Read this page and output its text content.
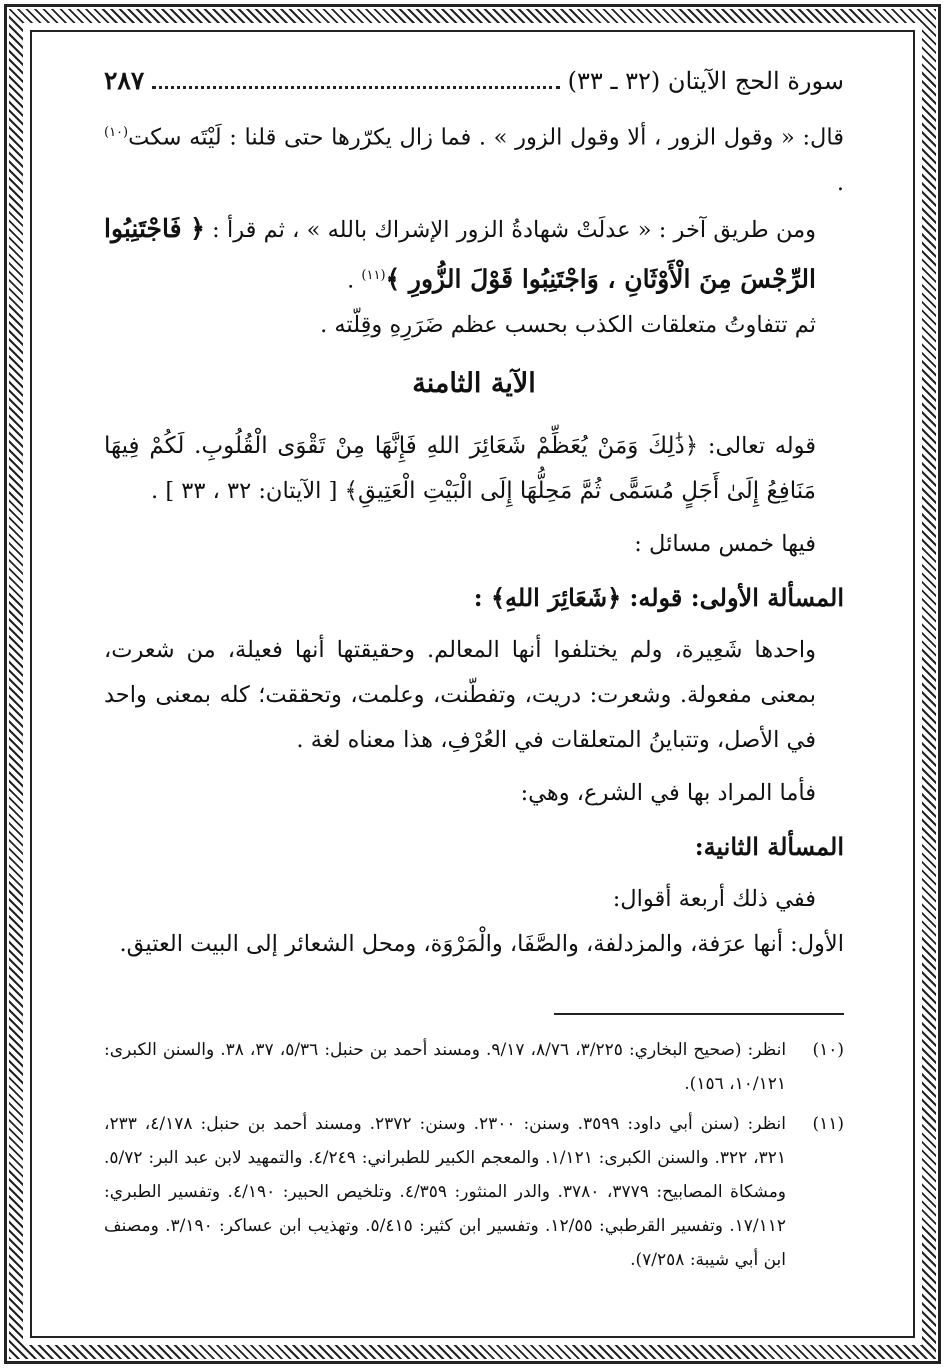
سورة الحج الآيتان (٣٢ ـ ٣٣)
٢٨٧

قال: « وقول الزور ، ألا وقول الزور » . فما زال يكرّرها حتى قلنا : لَيْتَه سكت$^{(١٠)}$ .

ومن طريق آخر : « عدلَتْ شهادةُ الزور الإشراك بالله » ، ثم قرأ : ﴿ فَاجْتَنِبُوا الرِّجْسَ مِنَ الْأَوْثَانِ ، وَاجْتَنِبُوا قَوْلَ الزُّورِ ﴾$^{(١١)}$ .

ثم تتفاوتُ متعلقات الكذب بحسب عظم ضَرَرِهِ وقِلّته .

الآية الثامنة

قوله تعالى: ﴿ذَٰلِكَ وَمَنْ يُعَظِّمْ شَعَائِرَ اللهِ فَإِنَّهَا مِنْ تَقْوَى الْقُلُوبِ. لَكُمْ فِيهَا مَنَافِعُ إِلَىٰ أَجَلٍ مُسَمًّى ثُمَّ مَحِلُّهَا إِلَى الْبَيْتِ الْعَتِيقِ﴾ [ الآيتان: ٣٢ ، ٣٣ ] .

فيها خمس مسائل :

المسألة الأولى: قوله: ﴿شَعَائِرَ اللهِ﴾ :

واحدها شَعِيرة، ولم يختلفوا أنها المعالم. وحقيقتها أنها فعيلة، من شعرت، بمعنى مفعولة. وشعرت: دريت، وتفطّنت، وعلمت، وتحققت؛ كله بمعنى واحد في الأصل، وتتباينُ المتعلقات في العُرْفِ، هذا معناه لغة .

فأما المراد بها في الشرع، وهي:

المسألة الثانية:

ففي ذلك أربعة أقوال:

الأول: أنها عرَفة، والمزدلفة، والصَّفَا، والْمَرْوَة، ومحل الشعائر إلى البيت العتيق.

(١٠)
انظر: (صحيح البخاري: ٣/٢٢٥، ٨/٧٦، ٩/١٧. ومسند أحمد بن حنبل: ٥/٣٦، ٣٧، ٣٨. والسنن الكبرى: ١٠/١٢١، ١٥٦).
(١١)
انظر: (سنن أبي داود: ٣٥٩٩. وسنن: ٢٣٠٠. وسنن: ٢٣٧٢. ومسند أحمد بن حنبل: ٤/١٧٨، ٢٣٣، ٣٢١، ٣٢٢. والسنن الكبرى: ١/١٢١. والمعجم الكبير للطبراني: ٤/٢٤٩. والتمهيد لابن عبد البر: ٥/٧٢. ومشكاة المصابيح: ٣٧٧٩، ٣٧٨٠. والدر المنثور: ٤/٣٥٩. وتلخيص الحبير: ٤/١٩٠. وتفسير الطبري: ١٧/١١٢. وتفسير القرطبي: ١٢/٥٥. وتفسير ابن كثير: ٥/٤١٥. وتهذيب ابن عساكر: ٣/١٩٠. ومصنف ابن أبي شيبة: ٧/٢٥٨).
